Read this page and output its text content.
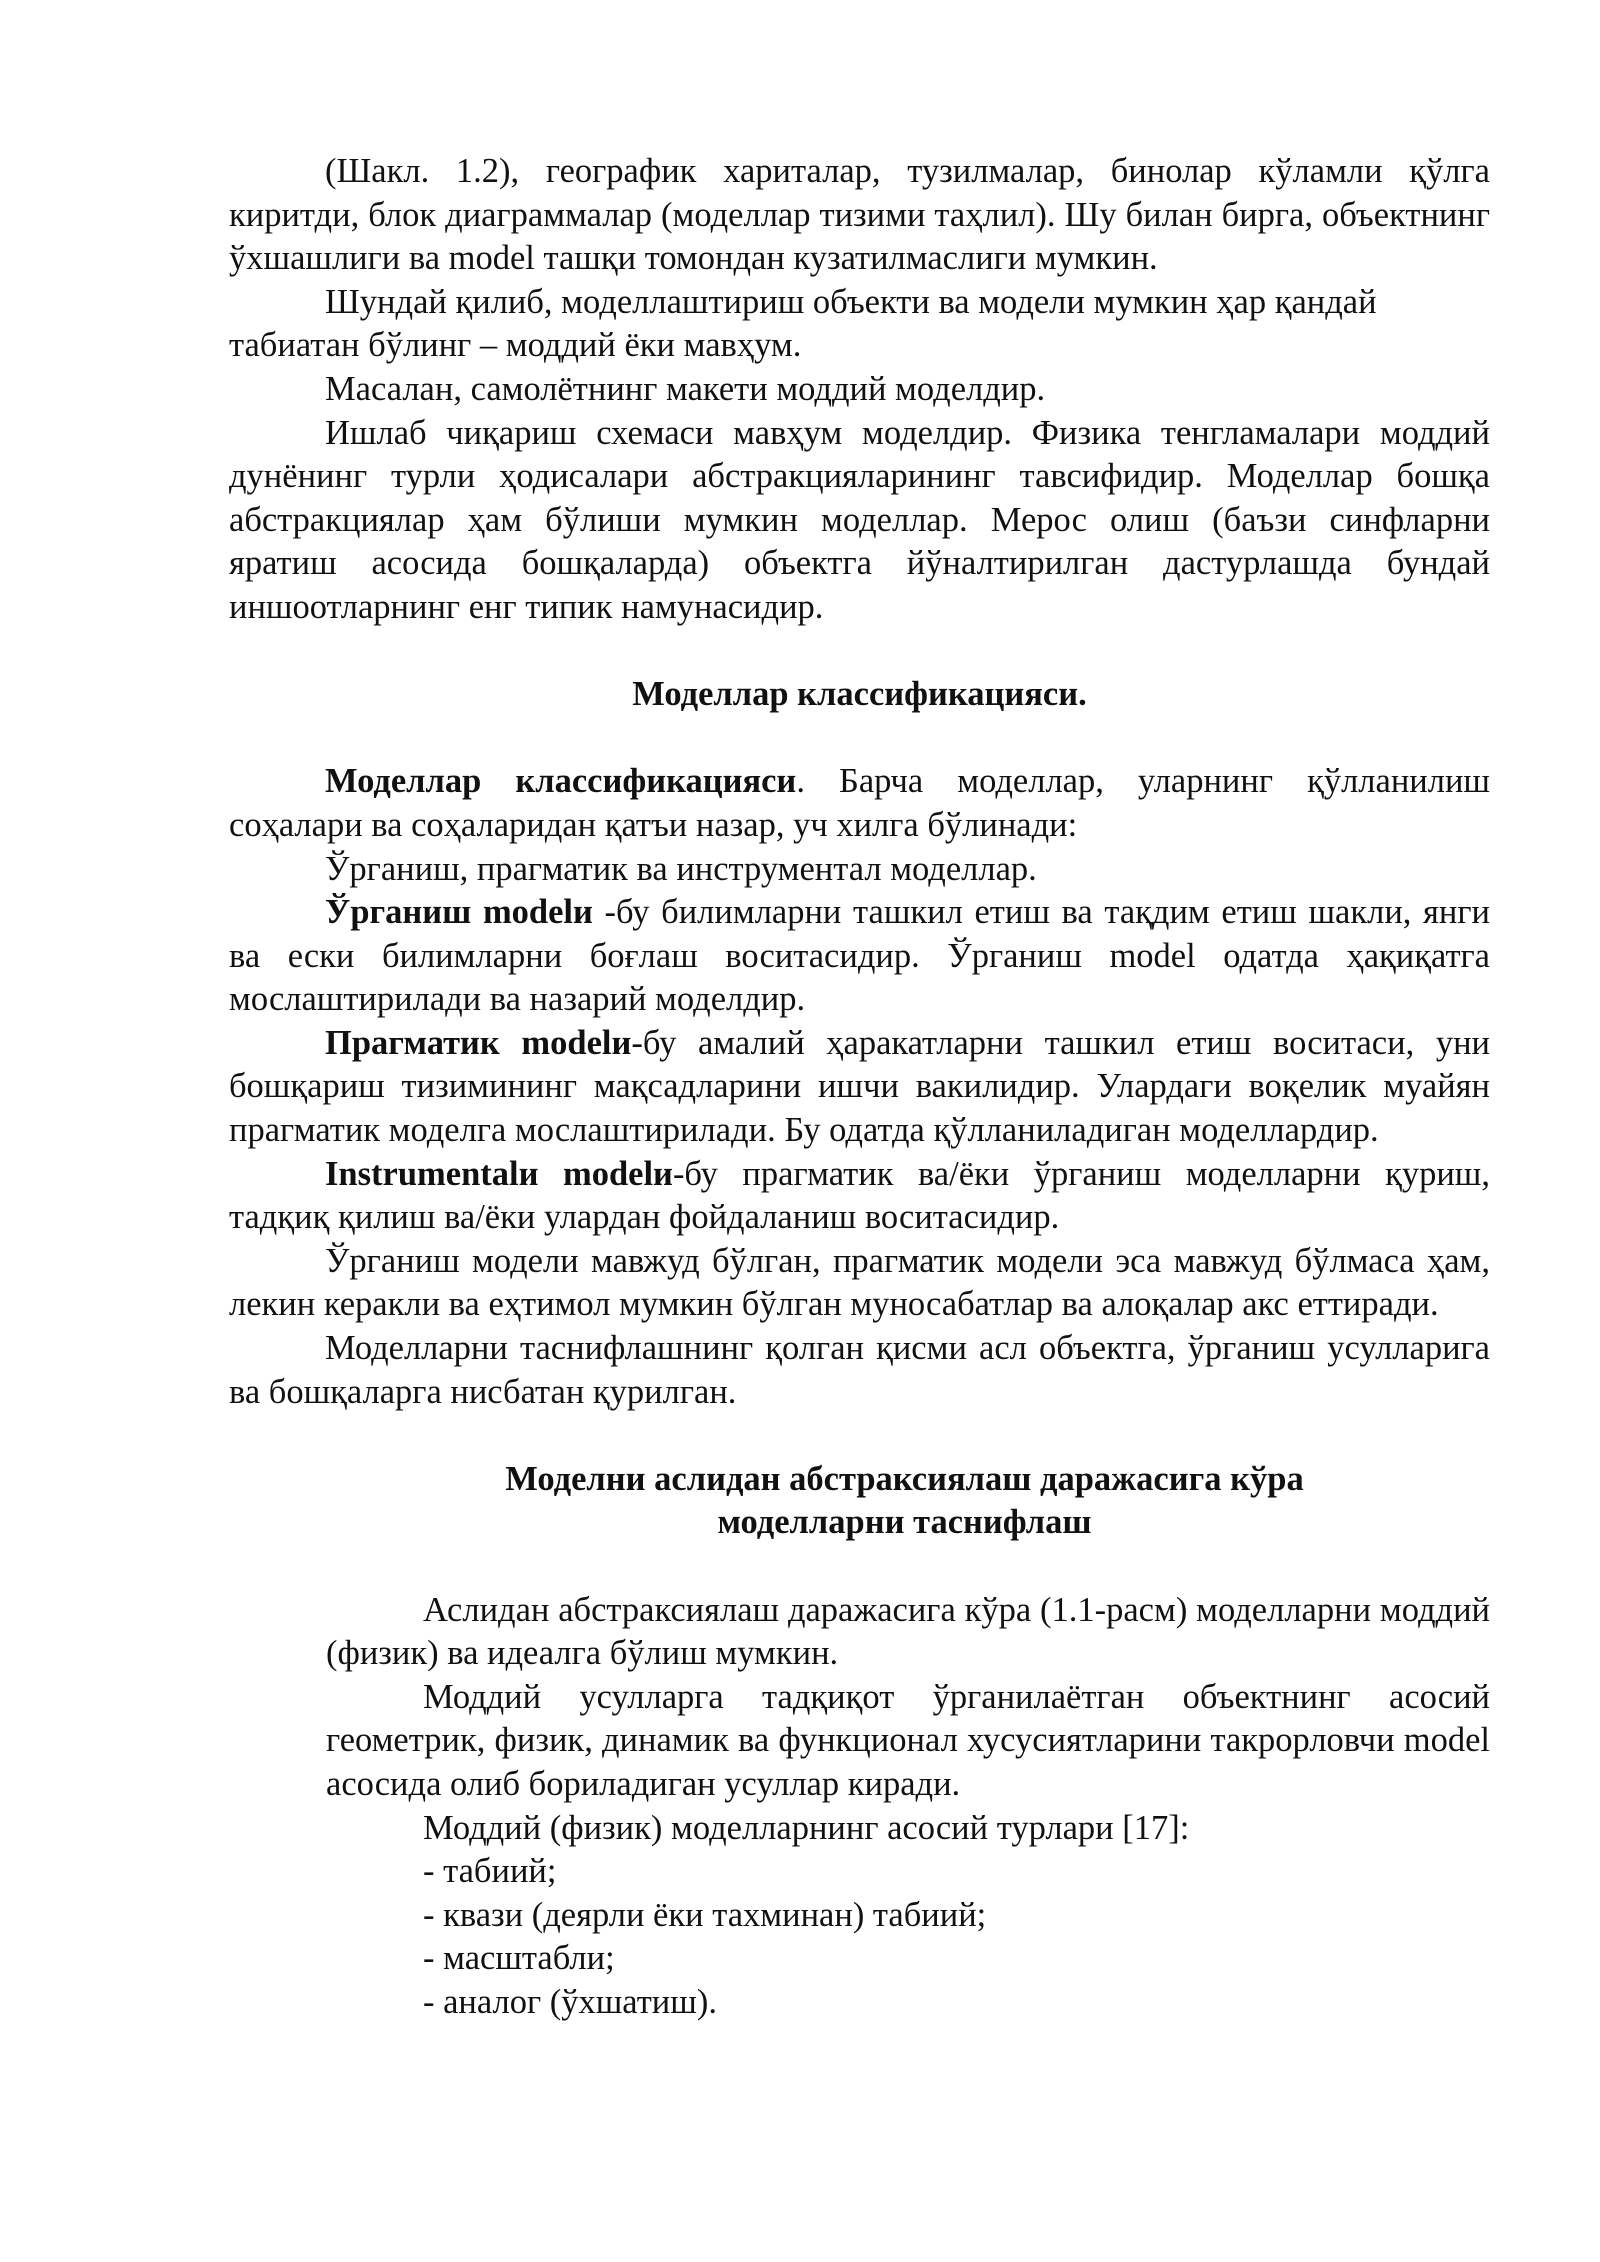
(Шакл. 1.2), географик хариталар, тузилмалар, бинолар кўламли қўлга киритди, блок диаграммалар (моделлар тизими таҳлил). Шу билан бирга, объектнинг ўхшашлиги ва model ташқи томондан кузатилмаслиги мумкин.

Шундай қилиб, моделлаштириш объекти ва модели мумкин ҳар қандай табиатан бўлинг – моддий ёки мавҳум.

Масалан, самолётнинг макети моддий моделдир.

Ишлаб чиқариш схемаси мавҳум моделдир. Физика тенгламалари моддий дунёнинг турли ҳодисалари абстракцияларининг тавсифидир. Моделлар бошқа абстракциялар ҳам бўлиши мумкин моделлар. Мерос олиш (баъзи синфларни яратиш асосида бошқаларда) объектга йўналтирилган дастурлашда бундай иншоотларнинг енг типик намунасидир.

Моделлар классификацияси.

Моделлар классификацияси. Барча моделлар, уларнинг қўлланилиш соҳалари ва соҳаларидан қатъи назар, уч хилга бўлинади:

Ўрганиш, прагматик ва инструментал моделлар.

Ўрганиш modelи -бу билимларни ташкил етиш ва тақдим етиш шакли, янги ва ески билимларни боғлаш воситасидир. Ўрганиш model одатда ҳақиқатга мослаштирилади ва назарий моделдир.

Прагматик modelи-бу амалий ҳаракатларни ташкил етиш воситаси, уни бошқариш тизимининг мақсадларини ишчи вакилидир. Улардаги воқелик муайян прагматик моделга мослаштирилади. Бу одатда қўлланиладиган моделлардир.

Instrumentalи modelи-бу прагматик ва/ёки ўрганиш моделларни қуриш, тадқиқ қилиш ва/ёки улардан фойдаланиш воситасидир.

Ўрганиш модели мавжуд бўлган, прагматик модели эса мавжуд бўлмаса ҳам, лекин керакли ва еҳтимол мумкин бўлган муносабатлар ва алоқалар акс еттиради.

Моделларни таснифлашнинг қолган қисми асл объектга, ўрганиш усулларига ва бошқаларга нисбатан қурилган.

Моделни аслидан абстраксиялаш даражасига кўра
моделларни таснифлаш

Аслидан абстраксиялаш даражасига кўра (1.1-расм) моделларни моддий (физик) ва идеалга бўлиш мумкин.

Моддий усулларга тадқиқот ўрганилаётган объектнинг асосий геометрик, физик, динамик ва функционал хусусиятларини такрорловчи model асосида олиб бориладиган усуллар киради.

Моддий (физик) моделларнинг асосий турлари [17]:

- табиий;
- квази (деярли ёки тахминан) табиий;
- масштабли;
- аналог (ўхшатиш).
